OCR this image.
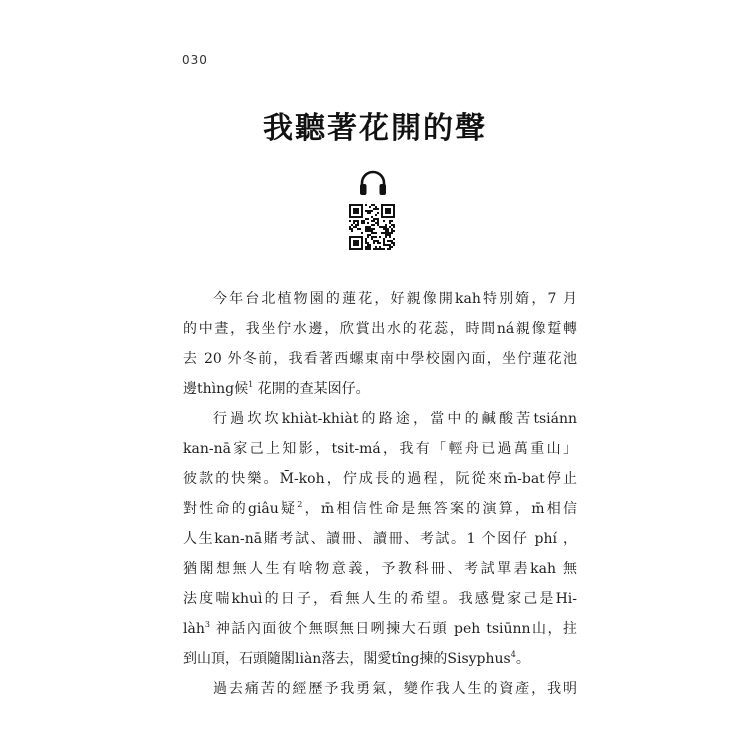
030
我聽著花開的聲
今年台北植物園的蓮花，好親像開kah特別媠，7 月
的中晝，我坐佇水邊，欣賞出水的花蕊，時間ná親像踅轉
去 20 外冬前，我看著西螺東南中學校園內面，坐佇蓮花池
邊thìng候$^1$ 花開的查某囡仔。
行過坎坎khiàt-khiàt的路途，當中的鹹酸苦tsiánn
kan-nā家己上知影，tsit-má，我有「輕舟已過萬重山」
彼款的快樂。M̄-koh，佇成長的過程，阮從來m̄-bat停止
對性命的giâu疑$^2$，m̄相信性命是無答案的演算，m̄相信
人生kan-nā賭考試、讀冊、讀冊、考試。1 个囡仔 phí ，
猶閣想無人生有啥物意義，予教科冊、考試單砉kah 無
法度喘khuì的日子，看無人生的希望。我感覺家己是Hi-
làh$^3$ 神話內面彼个無暝無日咧揀大石頭 peh tsiūnn山，拄
到山頂，石頭隨閣liàn落去，閣愛tîng揀的Sisyphus$^4$。
過去痛苦的經歷予我勇氣，變作我人生的資產，我明
